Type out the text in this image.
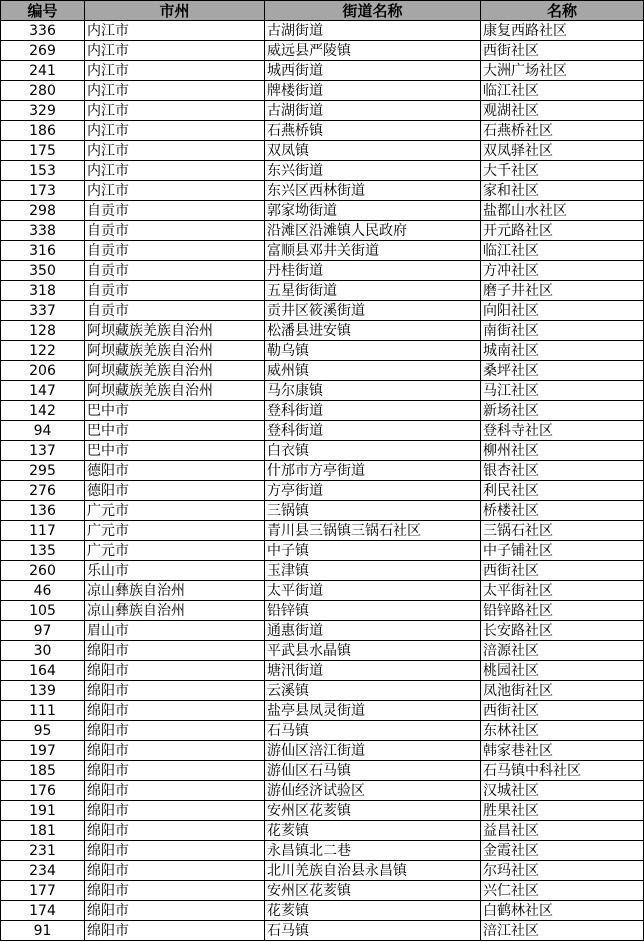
编号	市州	街道名称	名称
336	内江市	古湖街道	康复西路社区
269	内江市	威远县严陵镇	西街社区
241	内江市	城西街道	大洲广场社区
280	内江市	牌楼街道	临江社区
329	内江市	古湖街道	观湖社区
186	内江市	石燕桥镇	石燕桥社区
175	内江市	双凤镇	双凤驿社区
153	内江市	东兴街道	大千社区
173	内江市	东兴区西林街道	家和社区
298	自贡市	郭家坳街道	盐都山水社区
338	自贡市	沿滩区沿滩镇人民政府	开元路社区
316	自贡市	富顺县邓井关街道	临江社区
350	自贡市	丹桂街道	方冲社区
318	自贡市	五星街街道	磨子井社区
337	自贡市	贡井区筱溪街道	向阳社区
128	阿坝藏族羌族自治州	松潘县进安镇	南街社区
122	阿坝藏族羌族自治州	勒乌镇	城南社区
206	阿坝藏族羌族自治州	威州镇	桑坪社区
147	阿坝藏族羌族自治州	马尔康镇	马江社区
142	巴中市	登科街道	新场社区
94	巴中市	登科街道	登科寺社区
137	巴中市	白衣镇	柳州社区
295	德阳市	什邡市方亭街道	银杏社区
276	德阳市	方亭街道	利民社区
136	广元市	三锅镇	桥楼社区
117	广元市	青川县三锅镇三锅石社区	三锅石社区
135	广元市	中子镇	中子铺社区
260	乐山市	玉津镇	西街社区
46	凉山彝族自治州	太平街道	太平街社区
105	凉山彝族自治州	铅锌镇	铅锌路社区
97	眉山市	通惠街道	长安路社区
30	绵阳市	平武县水晶镇	涪源社区
164	绵阳市	塘汛街道	桃园社区
139	绵阳市	云溪镇	凤池街社区
111	绵阳市	盐亭县凤灵街道	西街社区
95	绵阳市	石马镇	东林社区
197	绵阳市	游仙区涪江街道	韩家巷社区
185	绵阳市	游仙区石马镇	石马镇中科社区
176	绵阳市	游仙经济试验区	汉城社区
191	绵阳市	安州区花荄镇	胜果社区
181	绵阳市	花荄镇	益昌社区
231	绵阳市	永昌镇北二巷	金霞社区
234	绵阳市	北川羌族自治县永昌镇	尔玛社区
177	绵阳市	安州区花荄镇	兴仁社区
174	绵阳市	花荄镇	白鹤林社区
91	绵阳市	石马镇	涪江社区
